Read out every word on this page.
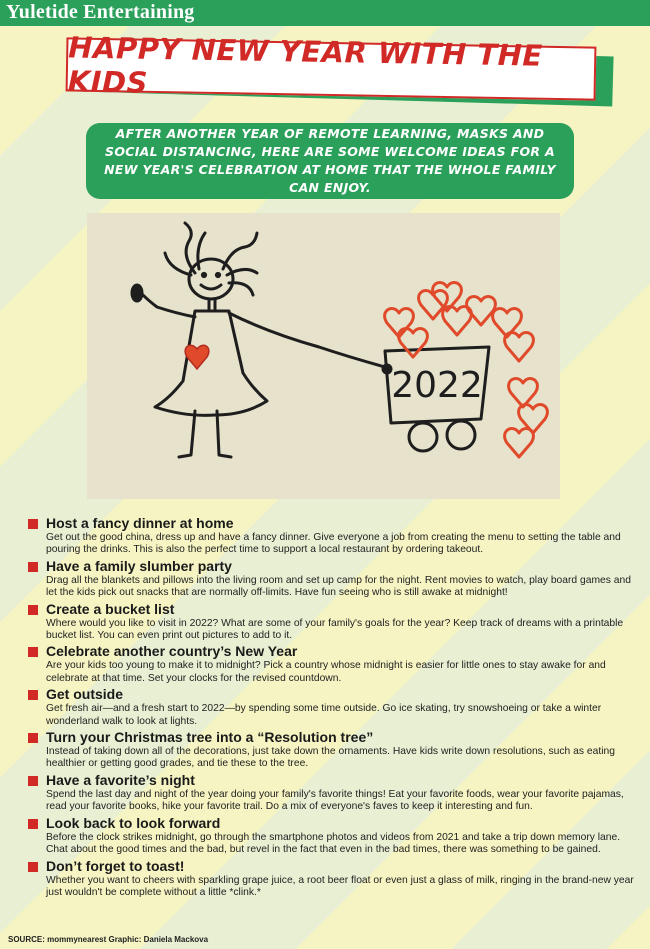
Yuletide Entertaining
HAPPY NEW YEAR WITH THE KIDS
AFTER ANOTHER YEAR OF REMOTE LEARNING, MASKS AND SOCIAL DISTANCING, HERE ARE SOME WELCOME IDEAS FOR A NEW YEAR'S CELEBRATION AT HOME THAT THE WHOLE FAMILY CAN ENJOY.
2022
Host a fancy dinner at home
Get out the good china, dress up and have a fancy dinner. Give everyone a job from creating the menu to setting the table and pouring the drinks. This is also the perfect time to support a local restaurant by ordering takeout.
Have a family slumber party
Drag all the blankets and pillows into the living room and set up camp for the night. Rent movies to watch, play board games and let the kids pick out snacks that are normally off-limits. Have fun seeing who is still awake at midnight!
Create a bucket list
Where would you like to visit in 2022? What are some of your family's goals for the year? Keep track of dreams with a printable bucket list. You can even print out pictures to add to it.
Celebrate another country’s New Year
Are your kids too young to make it to midnight? Pick a country whose midnight is easier for little ones to stay awake for and celebrate at that time. Set your clocks for the revised countdown.
Get outside
Get fresh air—and a fresh start to 2022—by spending some time outside. Go ice skating, try snowshoeing or take a winter wonderland walk to look at lights.
Turn your Christmas tree into a “Resolution tree”
Instead of taking down all of the decorations, just take down the ornaments. Have kids write down resolutions, such as eating healthier or getting good grades, and tie these to the tree.
Have a favorite’s night
Spend the last day and night of the year doing your family's favorite things! Eat your favorite foods, wear your favorite pajamas, read your favorite books, hike your favorite trail. Do a mix of everyone's faves to keep it interesting and fun.
Look back to look forward
Before the clock strikes midnight, go through the smartphone photos and videos from 2021 and take a trip down memory lane. Chat about the good times and the bad, but revel in the fact that even in the bad times, there was something to be gained.
Don’t forget to toast!
Whether you want to cheers with sparkling grape juice, a root beer float or even just a glass of milk, ringing in the brand-new year just wouldn't be complete without a little *clink.*
SOURCE: mommynearest Graphic: Daniela Mackova
